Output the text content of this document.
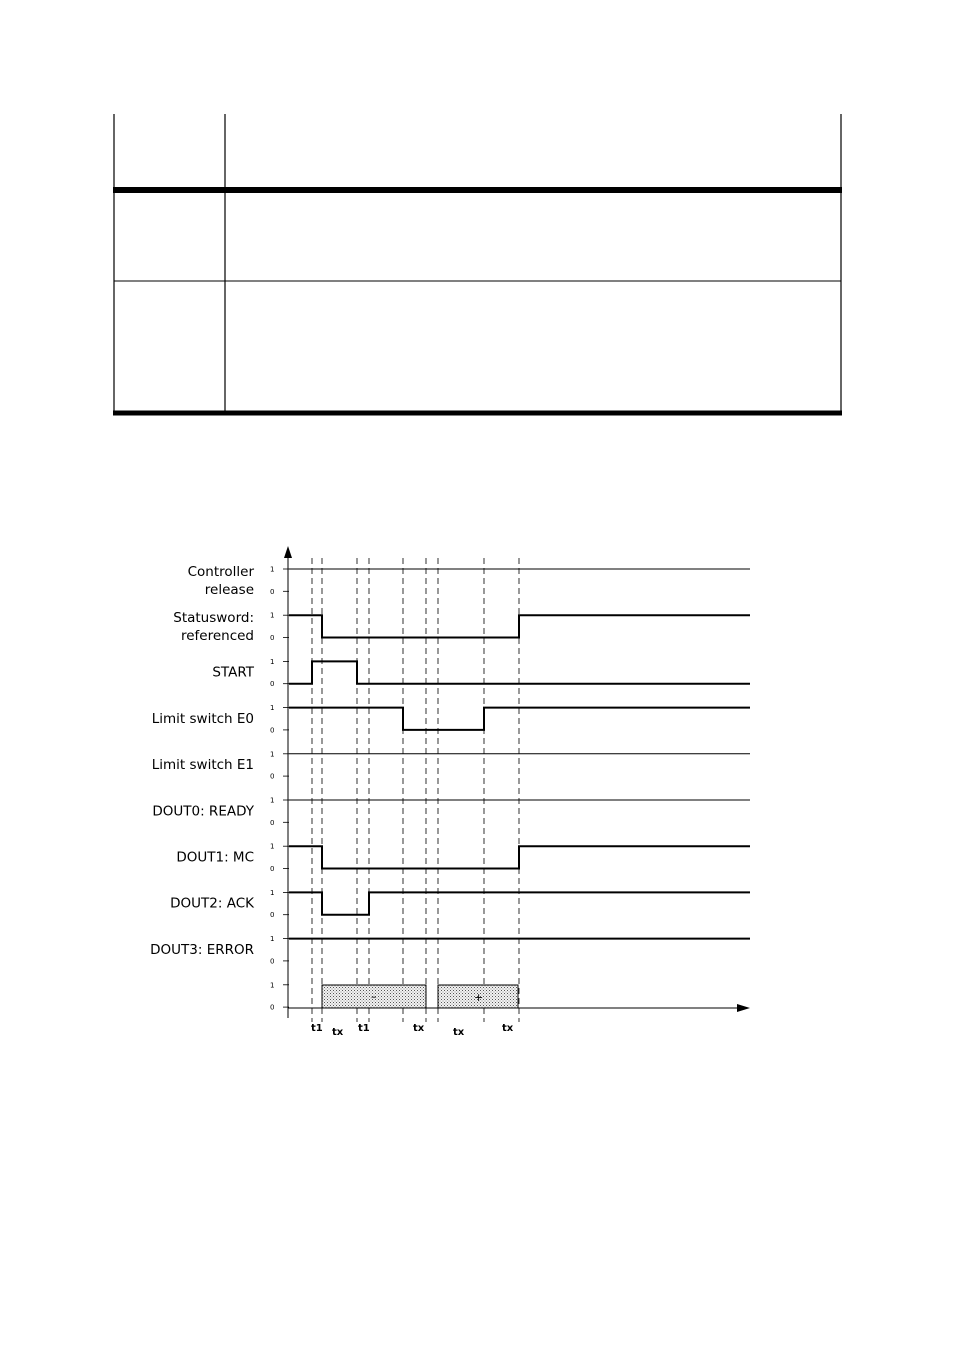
Controller release
1
0
Statusword: referenced
1
0
START
1
0
Limit switch E0
1
0
Limit switch E1
1
0
DOUT0: READY
1
0
DOUT1: MC
1
0
DOUT2: ACK
1
0
DOUT3: ERROR
1
0
1
0
–	+
t1 tx t1	tx	tx	tx
